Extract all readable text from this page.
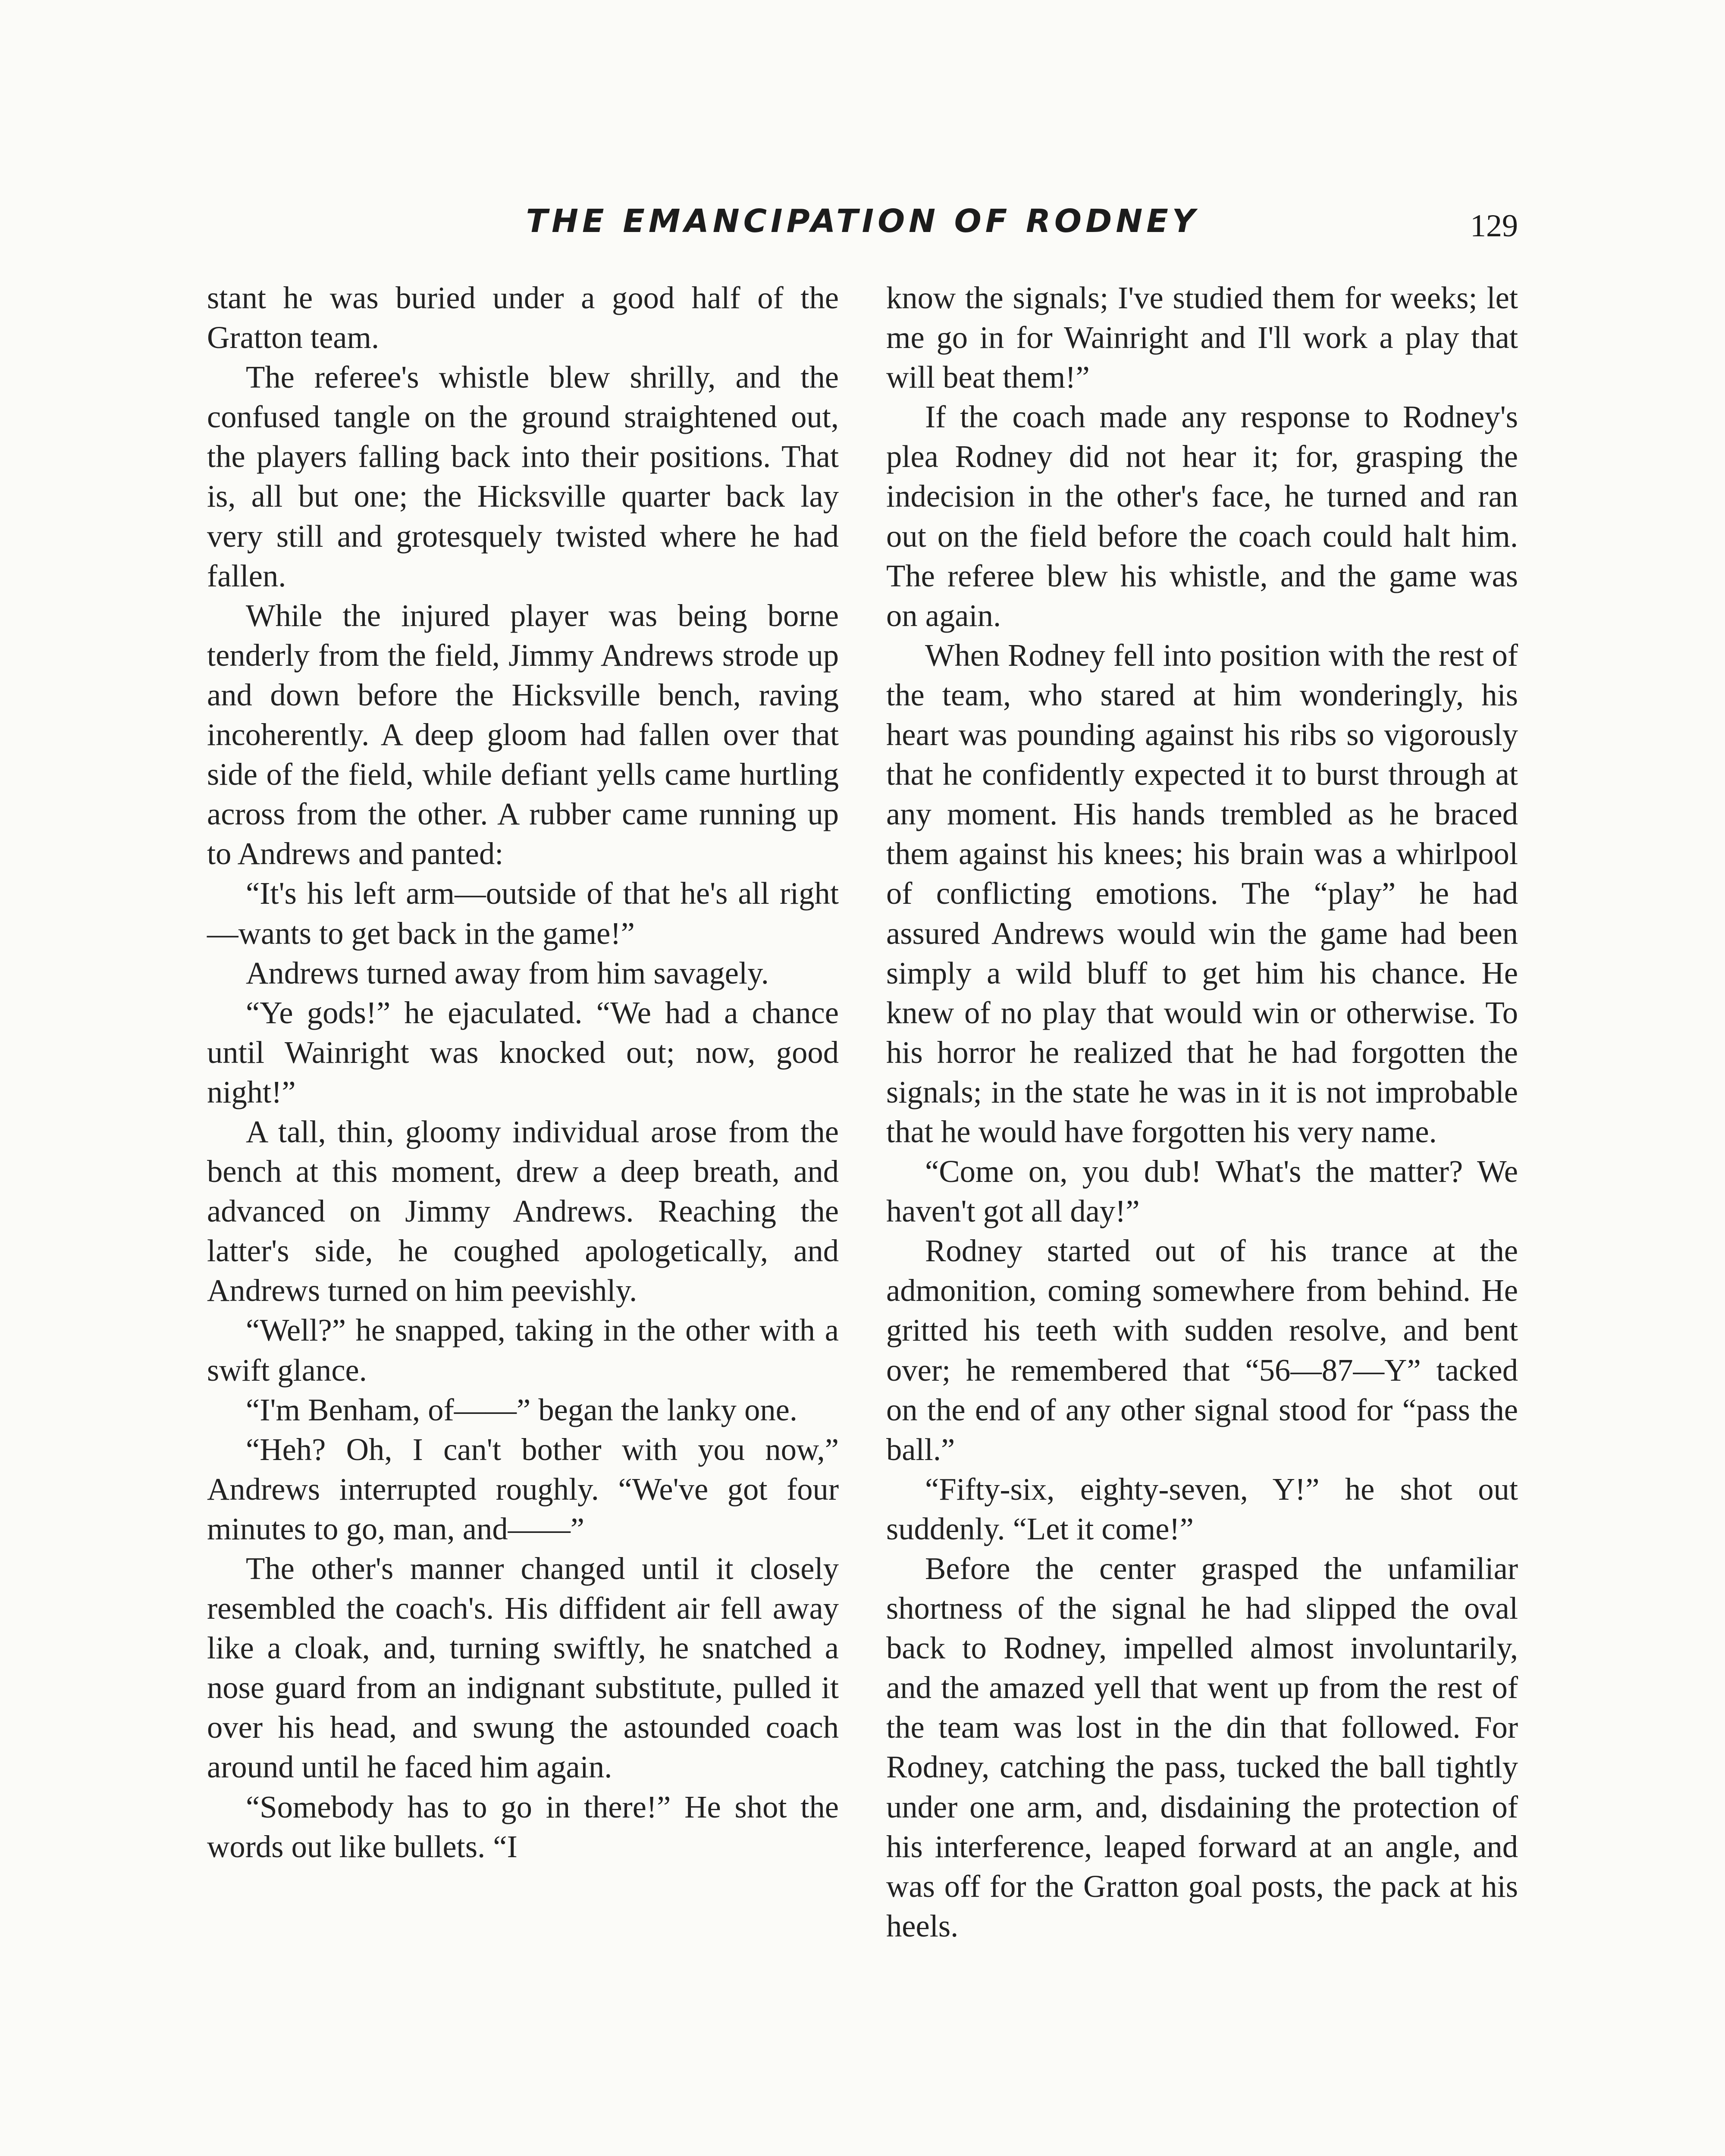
THE EMANCIPATION OF RODNEY	129

stant he was buried under a good half of the Gratton team.

The referee's whistle blew shrilly, and the confused tangle on the ground straightened out, the players falling back into their positions. That is, all but one; the Hicksville quarter back lay very still and grotesquely twisted where he had fallen.

While the injured player was being borne tenderly from the field, Jimmy Andrews strode up and down before the Hicksville bench, raving incoherently. A deep gloom had fallen over that side of the field, while defiant yells came hurtling across from the other. A rubber came running up to Andrews and panted:

“It's his left arm—outside of that he's all right—wants to get back in the game!”

Andrews turned away from him savagely.

“Ye gods!” he ejaculated. “We had a chance until Wainright was knocked out; now, good night!”

A tall, thin, gloomy individual arose from the bench at this moment, drew a deep breath, and advanced on Jimmy Andrews. Reaching the latter's side, he coughed apologetically, and Andrews turned on him peevishly.

“Well?” he snapped, taking in the other with a swift glance.

“I'm Benham, of——” began the lanky one.

“Heh? Oh, I can't bother with you now,” Andrews interrupted roughly. “We've got four minutes to go, man, and——”

The other's manner changed until it closely resembled the coach's. His diffident air fell away like a cloak, and, turning swiftly, he snatched a nose guard from an indignant substitute, pulled it over his head, and swung the astounded coach around until he faced him again.

“Somebody has to go in there!” He shot the words out like bullets. “I

know the signals; I've studied them for weeks; let me go in for Wainright and I'll work a play that will beat them!”

If the coach made any response to Rodney's plea Rodney did not hear it; for, grasping the indecision in the other's face, he turned and ran out on the field before the coach could halt him. The referee blew his whistle, and the game was on again.

When Rodney fell into position with the rest of the team, who stared at him wonderingly, his heart was pounding against his ribs so vigorously that he confidently expected it to burst through at any moment. His hands trembled as he braced them against his knees; his brain was a whirlpool of conflicting emotions. The “play” he had assured Andrews would win the game had been simply a wild bluff to get him his chance. He knew of no play that would win or otherwise. To his horror he realized that he had forgotten the signals; in the state he was in it is not improbable that he would have forgotten his very name.

“Come on, you dub! What's the matter? We haven't got all day!”

Rodney started out of his trance at the admonition, coming somewhere from behind. He gritted his teeth with sudden resolve, and bent over; he remembered that “56—87—Y” tacked on the end of any other signal stood for “pass the ball.”

“Fifty-six, eighty-seven, Y!” he shot out suddenly. “Let it come!”

Before the center grasped the unfamiliar shortness of the signal he had slipped the oval back to Rodney, impelled almost involuntarily, and the amazed yell that went up from the rest of the team was lost in the din that followed. For Rodney, catching the pass, tucked the ball tightly under one arm, and, disdaining the protection of his interference, leaped forward at an angle, and was off for the Gratton goal posts, the pack at his heels.
